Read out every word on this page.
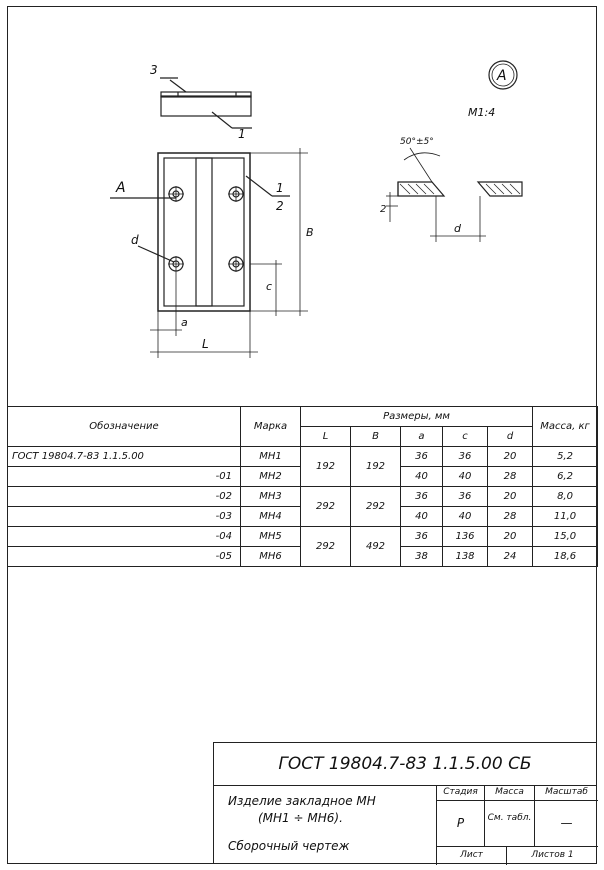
3
1
1
2
A
d
B
c
L
a
A
М1:4
50°±5°
d
2
Обозначение	Марка	Размеры, мм					Масса, кг
		L	B	a	c	d	
ГОСТ 19804.7-83 1.1.5.00	МН1	192	192	36	36	20	5,2
-01	МН2			40	40	28	6,2
-02	МН3	292	292	36	36	20	8,0
-03	МН4			40	40	28	11,0
-04	МН5	292	492	36	136	20	15,0
-05	МН6			38	138	24	18,6
ГОСТ 19804.7-83 1.1.5.00 СБ
Изделие закладное МН
(МН1 ÷ МН6).
Сборочный чертеж
Стадия	Масса	Масштаб
Р	См. табл.	—
Лист	Листов 1
